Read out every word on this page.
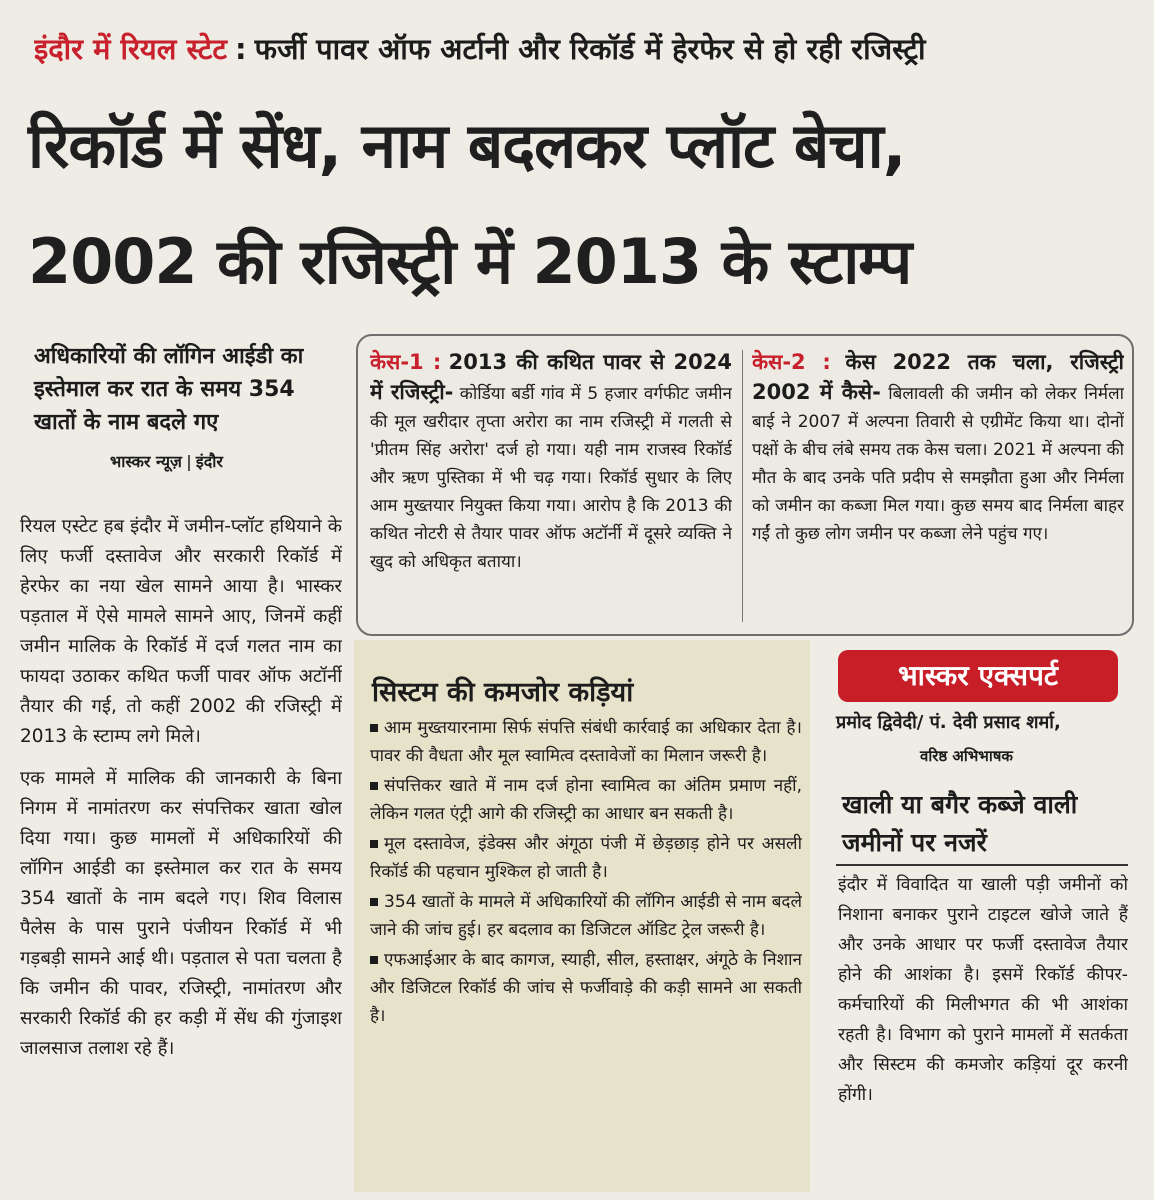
इंदौर में रियल स्टेट : फर्जी पावर ऑफ अर्टानी और रिकॉर्ड में हेरफेर से हो रही रजिस्ट्री
रिकॉर्ड में सेंध, नाम बदलकर प्लॉट बेचा,
2002 की रजिस्ट्री में 2013 के स्टाम्प
अधिकारियों की लॉगिन आईडी का इस्तेमाल कर रात के समय 354 खातों के नाम बदले गए
भास्कर न्यूज़ इंदौर

रियल एस्टेट हब इंदौर में जमीन-प्लॉट हथियाने के लिए फर्जी दस्तावेज और सरकारी रिकॉर्ड में हेरफेर का नया खेल सामने आया है। भास्कर पड़ताल में ऐसे मामले सामने आए, जिनमें कहीं जमीन मालिक के रिकॉर्ड में दर्ज गलत नाम का फायदा उठाकर कथित फर्जी पावर ऑफ अटॉर्नी तैयार की गई, तो कहीं 2002 की रजिस्ट्री में 2013 के स्टाम्प लगे मिले।

एक मामले में मालिक की जानकारी के बिना निगम में नामांतरण कर संपत्तिकर खाता खोल दिया गया। कुछ मामलों में अधिकारियों की लॉगिन आईडी का इस्तेमाल कर रात के समय 354 खातों के नाम बदले गए। शिव विलास पैलेस के पास पुराने पंजीयन रिकॉर्ड में भी गड़बड़ी सामने आई थी। पड़ताल से पता चलता है कि जमीन की पावर, रजिस्ट्री, नामांतरण और सरकारी रिकॉर्ड की हर कड़ी में सेंध की गुंजाइश जालसाज तलाश रहे हैं।

केस-1 : 2013 की कथित पावर से 2024 में रजिस्ट्री- कोर्डिया बर्डी गांव में 5 हजार वर्गफीट जमीन की मूल खरीदार तृप्ता अरोरा का नाम रजिस्ट्री में गलती से 'प्रीतम सिंह अरोरा' दर्ज हो गया। यही नाम राजस्व रिकॉर्ड और ऋण पुस्तिका में भी चढ़ गया। रिकॉर्ड सुधार के लिए आम मुख्तयार नियुक्त किया गया। आरोप है कि 2013 की कथित नोटरी से तैयार पावर ऑफ अटॉर्नी में दूसरे व्यक्ति ने खुद को अधिकृत बताया।
केस-2 : केस 2022 तक चला, रजिस्ट्री 2002 में कैसे- बिलावली की जमीन को लेकर निर्मला बाई ने 2007 में अल्पना तिवारी से एग्रीमेंट किया था। दोनों पक्षों के बीच लंबे समय तक केस चला। 2021 में अल्पना की मौत के बाद उनके पति प्रदीप से समझौता हुआ और निर्मला को जमीन का कब्जा मिल गया। कुछ समय बाद निर्मला बाहर गईं तो कुछ लोग जमीन पर कब्जा लेने पहुंच गए।
सिस्टम की कमजोर कड़ियां
आम मुख्तयारनामा सिर्फ संपत्ति संबंधी कार्रवाई का अधिकार देता है। पावर की वैधता और मूल स्वामित्व दस्तावेजों का मिलान जरूरी है।
संपत्तिकर खाते में नाम दर्ज होना स्वामित्व का अंतिम प्रमाण नहीं, लेकिन गलत एंट्री आगे की रजिस्ट्री का आधार बन सकती है।
मूल दस्तावेज, इंडेक्स और अंगूठा पंजी में छेड़छाड़ होने पर असली रिकॉर्ड की पहचान मुश्किल हो जाती है।
354 खातों के मामले में अधिकारियों की लॉगिन आईडी से नाम बदले जाने की जांच हुई। हर बदलाव का डिजिटल ऑडिट ट्रेल जरूरी है।
एफआईआर के बाद कागज, स्याही, सील, हस्ताक्षर, अंगूठे के निशान और डिजिटल रिकॉर्ड की जांच से फर्जीवाड़े की कड़ी सामने आ सकती है।
भास्कर एक्सपर्ट
प्रमोद द्विवेदी/ पं. देवी प्रसाद शर्मा,
वरिष्ठ अभिभाषक
खाली या बगैर कब्जे वाली जमीनों पर नजरें
इंदौर में विवादित या खाली पड़ी जमीनों को निशाना बनाकर पुराने टाइटल खोजे जाते हैं और उनके आधार पर फर्जी दस्तावेज तैयार होने की आशंका है। इसमें रिकॉर्ड कीपर-कर्मचारियों की मिलीभगत की भी आशंका रहती है। विभाग को पुराने मामलों में सतर्कता और सिस्टम की कमजोर कड़ियां दूर करनी होंगी।
